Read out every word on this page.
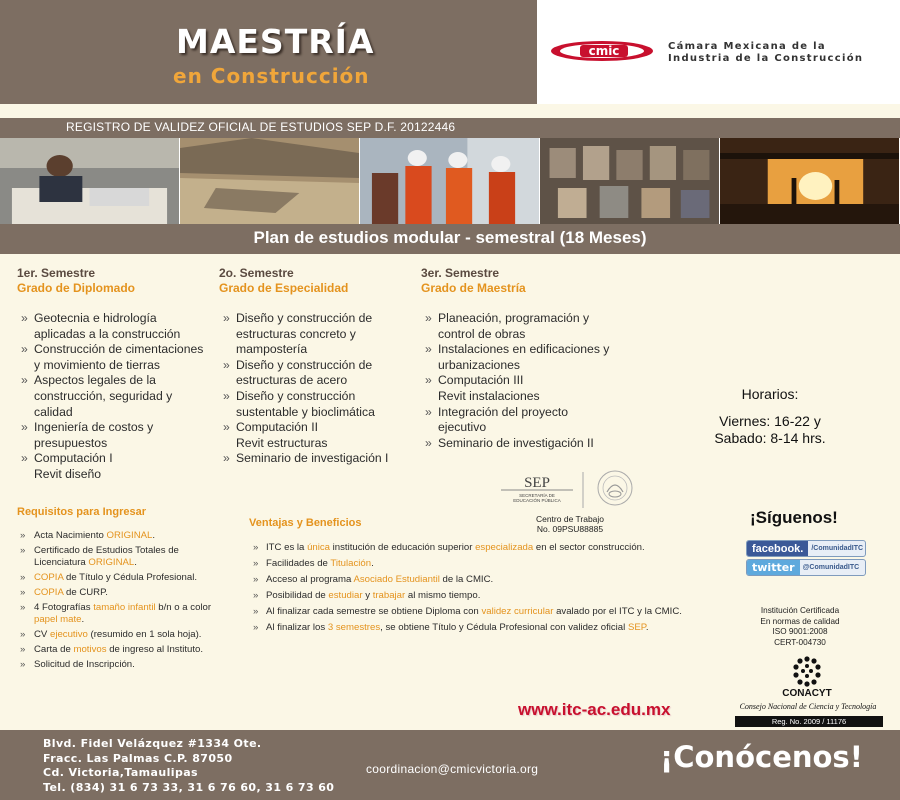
MAESTRÍA
en Construcción
cmic	Cámara Mexicana de la
Industria de la Construcción
REGISTRO DE VALIDEZ OFICIAL DE ESTUDIOS SEP D.F. 20122446
Plan de estudios modular - semestral (18 Meses)
1er. Semestre
Grado de Diplomado
2o. Semestre
Grado de Especialidad
3er. Semestre
Grado de Maestría
» Geotecnia e hidrología
aplicadas a la construcción
» Construcción de cimentaciones
y movimiento de tierras
» Aspectos legales de la
construcción, seguridad y
calidad
» Ingeniería de costos y
presupuestos
» Computación I
Revit diseño
» Diseño y construcción de
estructuras concreto y
mampostería
» Diseño y construcción de
estructuras de acero
» Diseño y construcción
sustentable y bioclimática
» Computación II
Revit estructuras
» Seminario de investigación I
» Planeación, programación y
control de obras
» Instalaciones en edificaciones y
urbanizaciones
» Computación III
Revit instalaciones
» Integración del proyecto
ejecutivo
» Seminario de investigación II
Horarios:
Viernes: 16-22 y
Sabado: 8-14 hrs.
SEP
SECRETARÍA DE
EDUCACIÓN PÚBLICA
Centro de Trabajo
No. 09PSU88885
Requisitos para Ingresar
» Acta Nacimiento ORIGINAL.
» Certificado de Estudios Totales de Licenciatura ORIGINAL.
» COPIA de Título y Cédula Profesional.
» COPIA de CURP.
» 4 Fotografías tamaño infantil b/n o a color papel mate.
» CV ejecutivo (resumido en 1 sola hoja).
» Carta de motivos de ingreso al Instituto.
» Solicitud de Inscripción.
Ventajas y Beneficios
» ITC es la única institución de educación superior especializada en el sector construcción.
» Facilidades de Titulación.
» Acceso al programa Asociado Estudiantil de la CMIC.
» Posibilidad de estudiar y trabajar al mismo tiempo.
» Al finalizar cada semestre se obtiene Diploma con validez curricular avalado por el ITC y la CMIC.
» Al finalizar los 3 semestres, se obtiene Título y Cédula Profesional con validez oficial SEP.
¡Síguenos!
facebook.	/ComunidadITC
twitter	@ComunidadITC
Institución Certificada
En normas de calidad
ISO 9001:2008
CERT-004730
CONACYT
Consejo Nacional de Ciencia y Tecnología
Reg. No. 2009 / 11176
www.itc-ac.edu.mx
Blvd. Fidel Velázquez #1334 Ote.
Fracc. Las Palmas C.P. 87050
Cd. Victoria,Tamaulipas
Tel. (834) 31 6 73 33, 31 6 76 60, 31 6 73 60
coordinacion@cmicvictoria.org	¡Conócenos!
